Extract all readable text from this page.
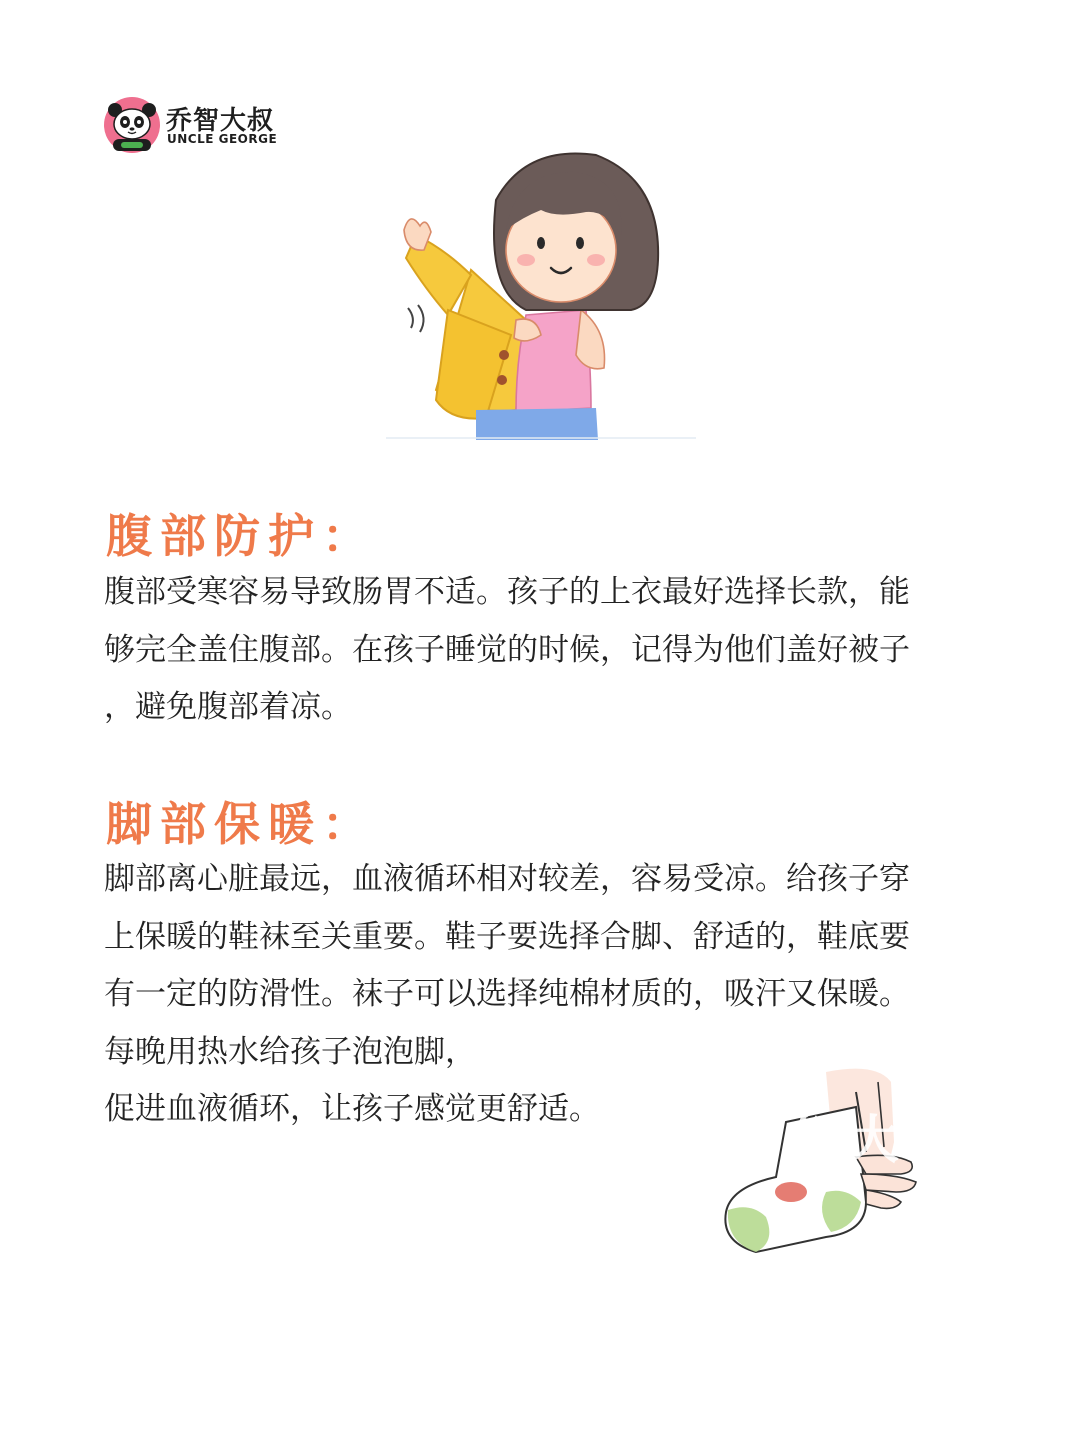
乔智大叔
UNCLE GEORGE
腹部防护：
腹部受寒容易导致肠胃不适。孩子的上衣最好选择长款，能
够完全盖住腹部。在孩子睡觉的时候，记得为他们盖好被子
，避免腹部着凉。
脚部保暖：
脚部离心脏最远，血液循环相对较差，容易受凉。给孩子穿
上保暖的鞋袜至关重要。鞋子要选择合脚、舒适的，鞋底要
有一定的防滑性。袜子可以选择纯棉材质的，吸汗又保暖。
每晚用热水给孩子泡泡脚，
促进血液循环，让孩子感觉更舒适。
智大叔
